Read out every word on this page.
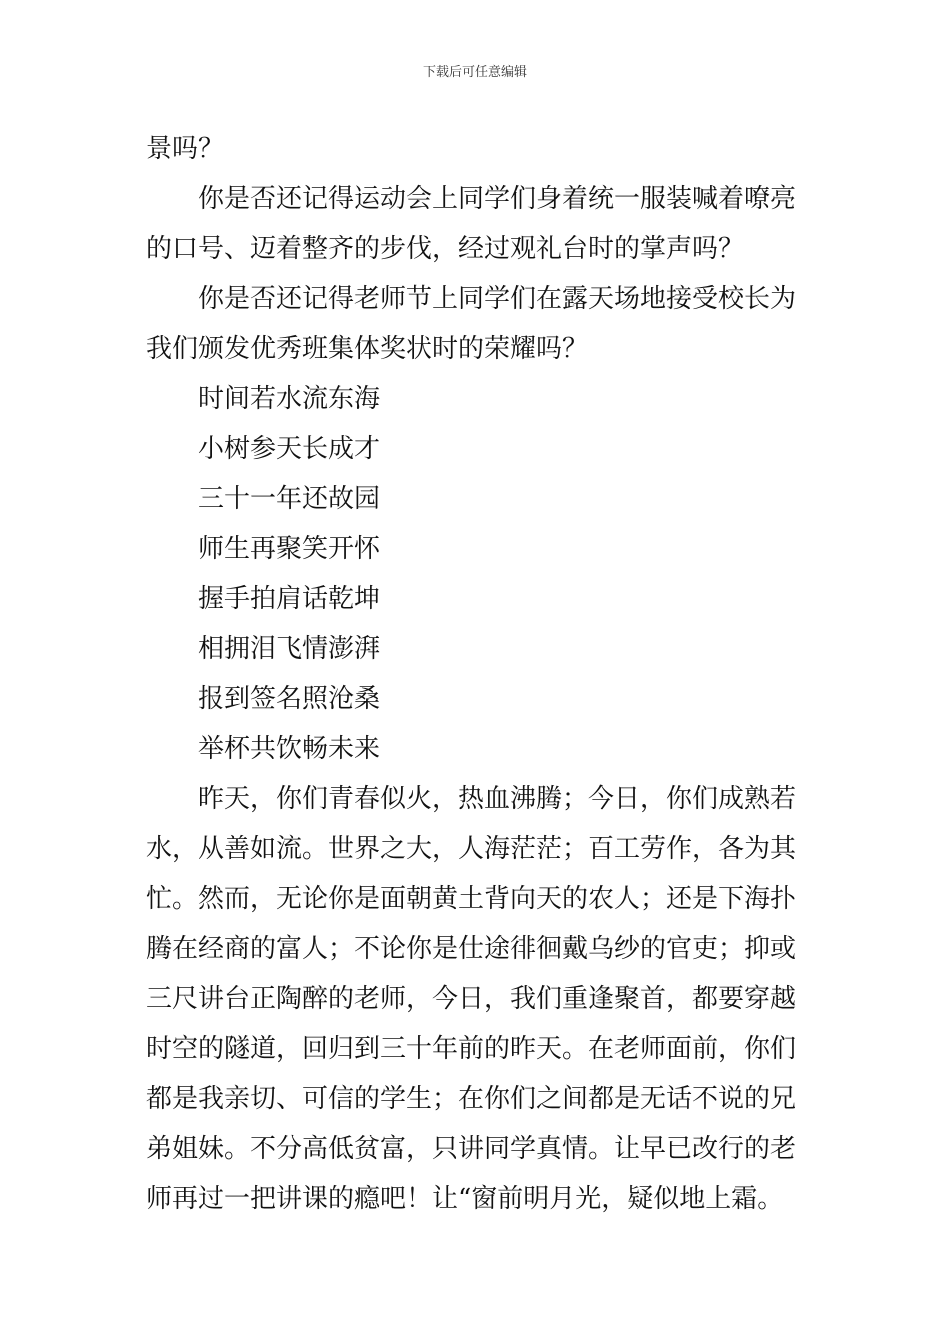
下载后可任意编辑
景吗？
你是否还记得运动会上同学们身着统一服装喊着嘹亮
的口号、迈着整齐的步伐，经过观礼台时的掌声吗？
你是否还记得老师节上同学们在露天场地接受校长为
我们颁发优秀班集体奖状时的荣耀吗？
时间若水流东海
小树参天长成才
三十一年还故园
师生再聚笑开怀
握手拍肩话乾坤
相拥泪飞情澎湃
报到签名照沧桑
举杯共饮畅未来
昨天，你们青春似火，热血沸腾；今日，你们成熟若
水，从善如流。世界之大，人海茫茫；百工劳作，各为其
忙。然而，无论你是面朝黄土背向天的农人；还是下海扑
腾在经商的富人；不论你是仕途徘徊戴乌纱的官吏；抑或
三尺讲台正陶醉的老师，今日，我们重逢聚首，都要穿越
时空的隧道，回归到三十年前的昨天。在老师面前，你们
都是我亲切、可信的学生；在你们之间都是无话不说的兄
弟姐妹。不分高低贫富，只讲同学真情。让早已改行的老
师再过一把讲课的瘾吧！让“窗前明月光，疑似地上霜。
